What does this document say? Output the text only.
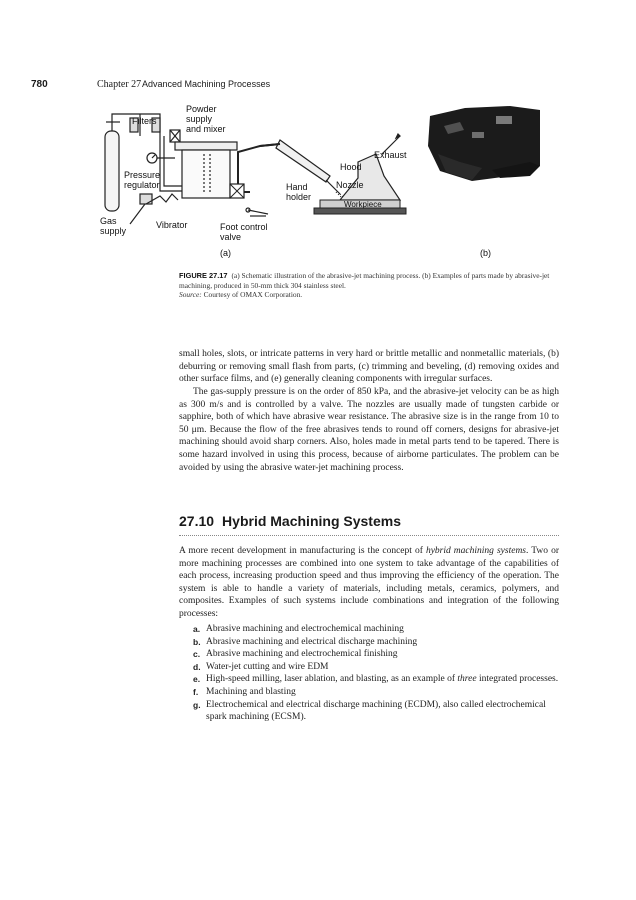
780	Chapter 27 Advanced Machining Processes
Filters
Powder
supply
and mixer
Pressure
regulator
Gas
supply
Vibrator	Foot control
valve
Hand
holder
Hood
Nozzle
Exhaust
Workpiece
(a)	(b)
FIGURE 27.17 (a) Schematic illustration of the abrasive-jet machining process. (b) Examples of parts made by abrasive-jet machining, produced in 50-mm thick 304 stainless steel.
Source: Courtesy of OMAX Corporation.
small holes, slots, or intricate patterns in very hard or brittle metallic and nonmetallic materials, (b) deburring or removing small flash from parts, (c) trimming and beveling, (d) removing oxides and other surface films, and (e) generally cleaning components with irregular surfaces.
The gas-supply pressure is on the order of 850 kPa, and the abrasive-jet velocity can be as high as 300 m/s and is controlled by a valve. The nozzles are usually made of tungsten carbide or sapphire, both of which have abrasive wear resistance. The abrasive size is in the range from 10 to 50 μm. Because the flow of the free abrasives tends to round off corners, designs for abrasive-jet machining should avoid sharp corners. Also, holes made in metal parts tend to be tapered. There is some hazard involved in using this process, because of airborne particulates. The problem can be avoided by using the abrasive water-jet machining process.
27.10 Hybrid Machining Systems
A more recent development in manufacturing is the concept of hybrid machining systems. Two or more machining processes are combined into one system to take advantage of the capabilities of each process, increasing production speed and thus improving the efficiency of the operation. The system is able to handle a variety of materials, including metals, ceramics, polymers, and composites. Examples of such systems include combinations and integration of the following processes:
a. Abrasive machining and electrochemical machining
b. Abrasive machining and electrical discharge machining
c. Abrasive machining and electrochemical finishing
d. Water-jet cutting and wire EDM
e. High-speed milling, laser ablation, and blasting, as an example of three integrated processes.
f. Machining and blasting
g. Electrochemical and electrical discharge machining (ECDM), also called electrochemical spark machining (ECSM).
